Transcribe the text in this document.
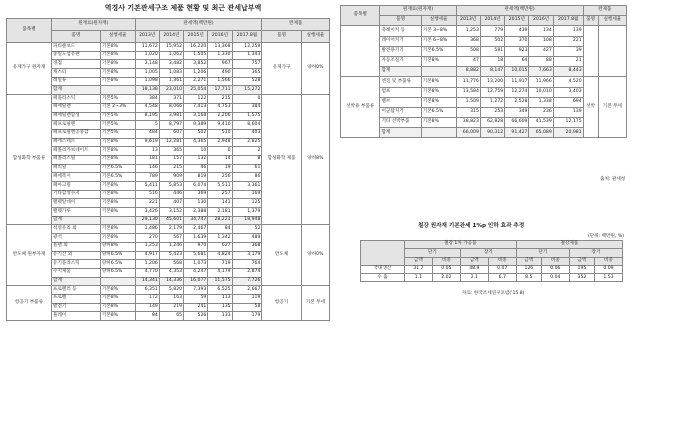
역경사 기본관세구조 제품 현황 및 최근 관세납부액
품목별	원재료(원자재)		관세액(백만원)					완제품	
	품명	실행세율	2013년	2014년	2015년	2016년	2017.8월	품명	실행세율
유제가구 원자재	파티클보드	기본8%	11,672	15,952	16,220	13,368	12,259	유제가구	양허0%
	중밀도섬유판	기본8%	1,020	1,062	1,505	1,330	1,343		
	경첩	기본8%	3,148	3,482	3,852	967	757		
	캐스터	기본8%	1,005	1,083	1,206	490	365		
	레일류	기본8%	1,098	1,361	2,271	1,566	528		
	합계		18,138	23,010	25,054	17,711	15,272		
합성화학 부품류	폐플라스틱	기본5%	384	371	122	215	0	합성화학 제품	양허8%
	폐에틸렌	기본 2~3%	4,548	8,066	7,413	4,753	384		
	폐에틸렌합성	기본5%	8,195	3,981	3,168	2,206	1,575		
	폐프로필렌	기본5%	5	8,797	9,389	9,410	8,604		
	폐프로필렌공중합	기본5%	484	607	502	510	403		
	폐에스테르	기본8%	9,619	12,281	4,365	2,948	2,825		
	폐폴리카보네이트	기본8%	13	365	10	0	2		
	폐폴리스틸	기본8%	181	157	132	14	8		
	폐비닐	기본6.5%	146	215	46	19	61		
	폐에폭시	기본6.5%	789	909	819	256	86		
	폐아크릴	기본8%	5,411	5,853	6,074	5,511	3,361		
	기타합성수지	기본8%	516	446	369	257	169		
	펠렛알데이	기본8%	221	407	130	141	125		
	펠렛가루	기본8%	3,426	3,152	2,388	2,181	1,379		
	합계		29,130	45,601	34,747	28,221	18,948		
반도체 원부자재	석영유리 외	기본8%	1,486	2,179	2,467	84	52	반도체	양허0%
	광석	기본8%	270	567	1,639	1,342	489		
	플랜 외	양허8%	1,253	1,246	970	627	368		
	유기산 외	양허6.5%	4,917	5,423	5,681	4,824	3,179		
	유기플라스틱	양허6.5%	1,206	568	1,073	719	764		
	수지제품	양허6.5%	4,770	4,353	4,247	4,179	2,874		
	합계		14,341	14,336	16,077	11,575	7,726		
항공기 부품류	프로펠러 등	기본8%	6,351	5,820	7,393	6,525	2,667	항공기	기본 무세
	프로펠	기본8%	172	163	59	113	119		
	발전기	기본8%	149	219	241	135	58		
	풀레이	기본8%	84	65	526	133	179		
품목별	원재료(원자재)		관세액(백만원)					완제품	
	품명	실행세율	2013년	2014년	2015년	2016년	2017.8월	품명	실행세율
	축레이커 등	기본 3~8%	1,253	779	439	134	139		
	레이어커기	기본 6~8%	368	502	370	108	221		
	발전용기기	기본6.5%	508	581	923	427	39		
	자동조절기	기본8%	47	18	64	88	21		
	합계		8,882	8,147	10,015	7,663	8,443		
선박용 부품류	엔진 및 부품류	기본8%	11,776	13,200	11,917	11,966	4,520	선박	기본 무세
	펌프	기본8%	13,584	12,759	12,274	10,010	3,403		
	밸브	기본8%	1,509	1,272	2,528	1,338	694		
	어군탐지기	기본6.5%	315	253	349	236	139		
	기타 선박부품	기본8%	38,823	62,828	66,609	41,539	12,175		
	합계		66,009	90,312	91,427	65,089	20,981		
출처: 관세청
철강 원자재 기본관세 1%p 인하 효과 추정
(단위: 백만원, %)
	철강 1차 가공품				철강제품			
	단기		장기		단기		장기	
	금액	비중	금액	비중	금액	비중	금액	비중
국내생산	31.7	0.05	48.9	0.07	126	0.06	195	0.09
수 출	1.1	2.02	2.1	6.7	8.5	0.04	352	1.53
자료: 한국조세연구포럼('15.8)
